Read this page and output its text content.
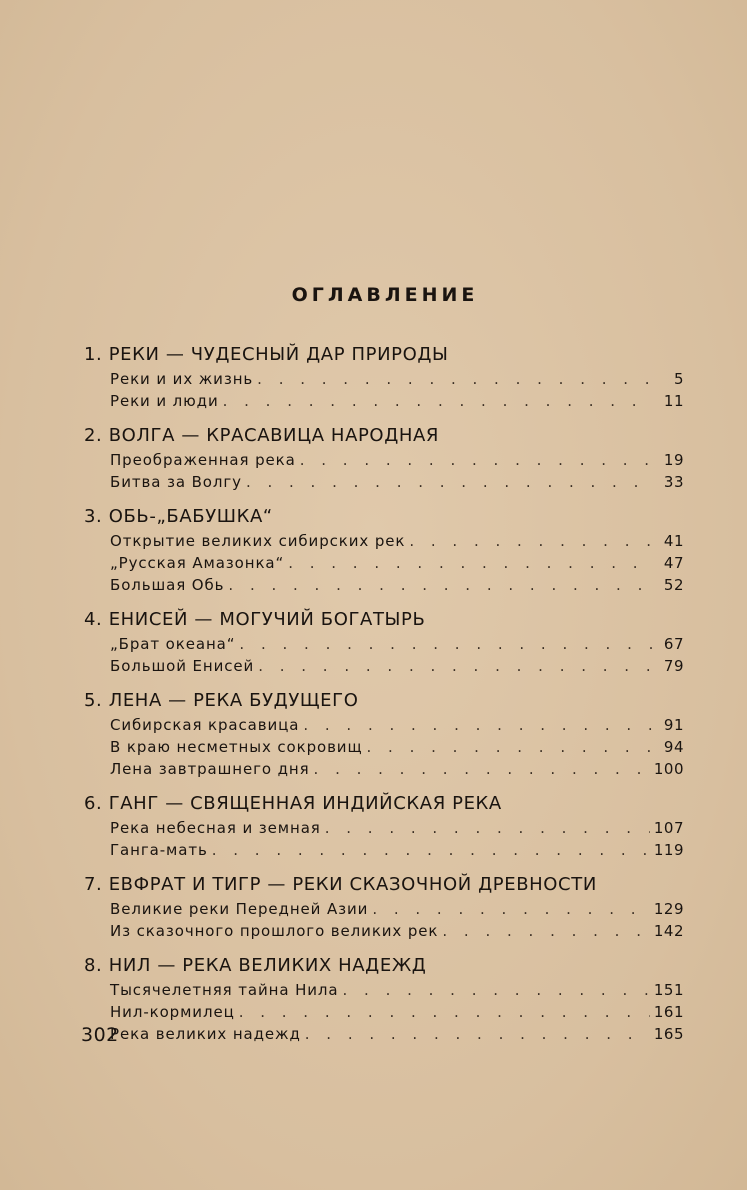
ОГЛАВЛЕНИЕ
1. РЕКИ — ЧУДЕСНЫЙ ДАР ПРИРОДЫ
Реки и их жизнь . . .	5
Реки и люди . . .	11
2. ВОЛГА — КРАСАВИЦА НАРОДНАЯ
Преображенная река . . .	19
Битва за Волгу . . .	33
3. ОБЬ-„БАБУШКА“
Открытие великих сибирских рек . . .	41
„Русская Амазонка“ . . .	47
Большая Обь . . .	52
4. ЕНИСЕЙ — МОГУЧИЙ БОГАТЫРЬ
„Брат океана“ . . .	67
Большой Енисей . . .	79
5. ЛЕНА — РЕКА БУДУЩЕГО
Сибирская красавица . . .	91
В краю несметных сокровищ . . .	94
Лена завтрашнего дня . . .	100
6. ГАНГ — СВЯЩЕННАЯ ИНДИЙСКАЯ РЕКА
Река небесная и земная . . .	107
Ганга-мать . . .	119
7. ЕВФРАТ И ТИГР — РЕКИ СКАЗОЧНОЙ ДРЕВНОСТИ
Великие реки Передней Азии . . .	129
Из сказочного прошлого великих рек . . .	142
8. НИЛ — РЕКА ВЕЛИКИХ НАДЕЖД
Тысячелетняя тайна Нила . . .	151
Нил-кормилец . . .	161
Река великих надежд . . .	165
302
